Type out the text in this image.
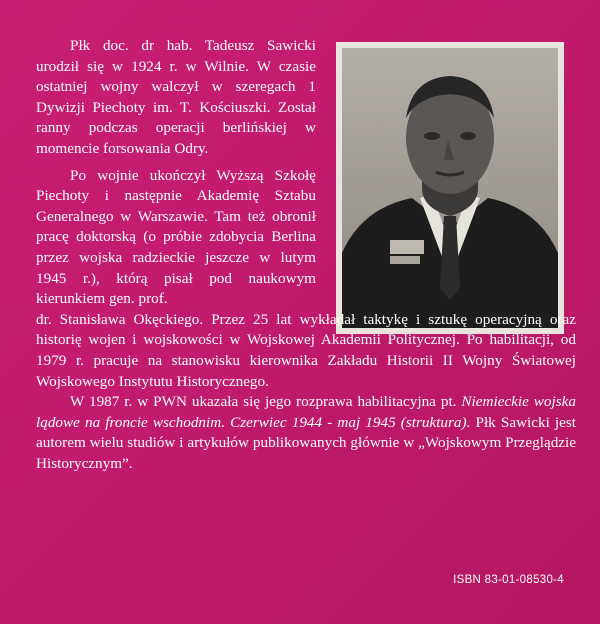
Płk doc. dr hab. Tadeusz Sawicki urodził się w 1924 r. w Wilnie. W czasie ostatniej wojny walczył w szeregach 1 Dywizji Piechoty im. T. Kościuszki. Został ranny podczas operacji berlińskiej w momencie forsowania Odry.

Po wojnie ukończył Wyższą Szkołę Piechoty i następnie Akademię Sztabu Generalnego w Warszawie. Tam też obronił pracę doktorską (o próbie zdobycia Berlina przez wojska radzieckie jeszcze w lutym 1945 r.), którą pisał pod naukowym kierunkiem gen. prof.

dr. Stanisława Okęckiego. Przez 25 lat wykładał taktykę i sztukę operacyjną oraz historię wojen i wojskowości w Wojskowej Akademii Politycznej. Po habilitacji, od 1979 r. pracuje na stanowisku kierownika Zakładu Historii II Wojny Światowej Wojskowego Instytutu Historycznego.

W 1987 r. w PWN ukazała się jego rozprawa habilitacyjna pt. Niemieckie wojska lądowe na froncie wschodnim. Czerwiec 1944 - maj 1945 (struktura). Płk Sawicki jest autorem wielu studiów i artykułów publikowanych głównie w „Wojskowym Przeglądzie Historycznym”.

ISBN 83-01-08530-4
